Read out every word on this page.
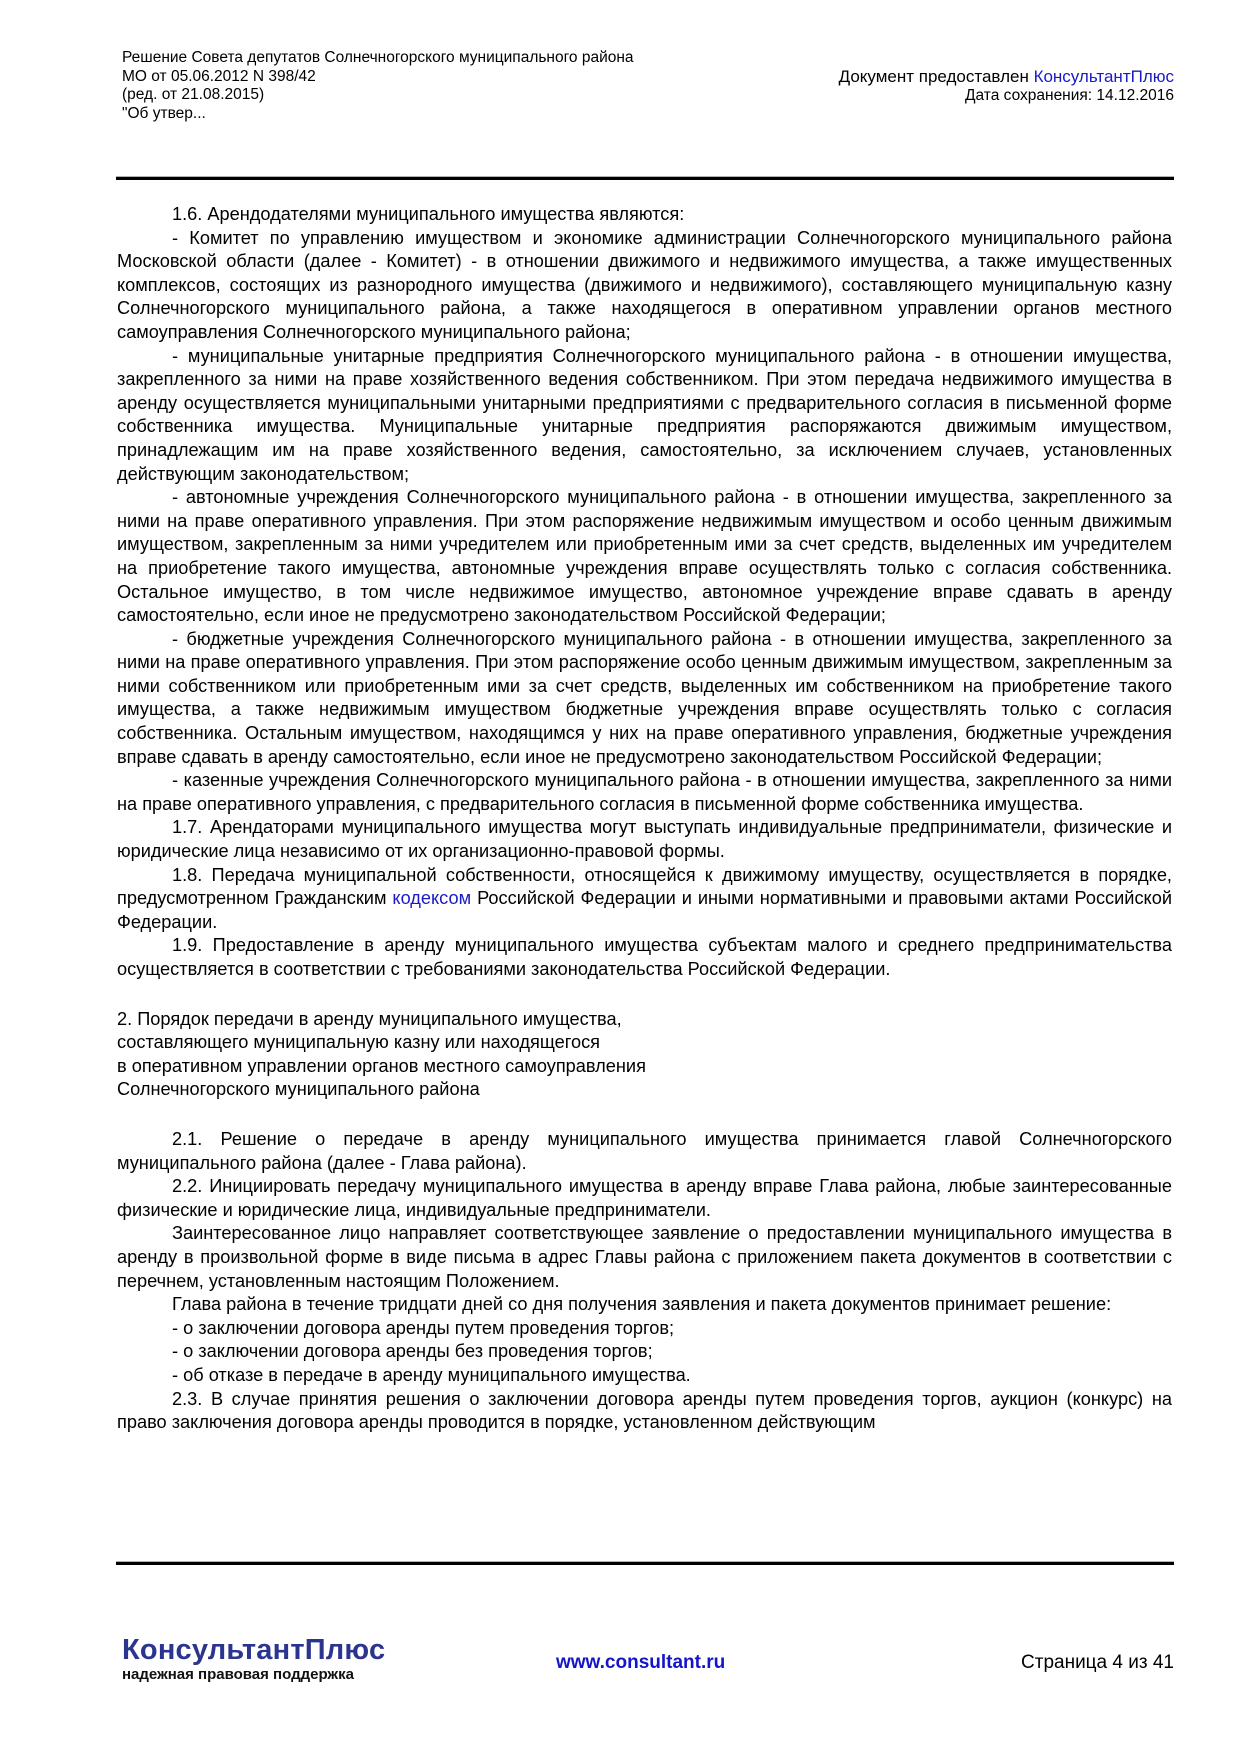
Решение Совета депутатов Солнечногорского муниципального района
МО от 05.06.2012 N 398/42
(ред. от 21.08.2015)
"Об утвер...
Документ предоставлен КонсультантПлюс
Дата сохранения: 14.12.2016

1.6. Арендодателями муниципального имущества являются:

- Комитет по управлению имуществом и экономике администрации Солнечногорского муниципального района Московской области (далее - Комитет) - в отношении движимого и недвижимого имущества, а также имущественных комплексов, состоящих из разнородного имущества (движимого и недвижимого), составляющего муниципальную казну Солнечногорского муниципального района, а также находящегося в оперативном управлении органов местного самоуправления Солнечногорского муниципального района;

- муниципальные унитарные предприятия Солнечногорского муниципального района - в отношении имущества, закрепленного за ними на праве хозяйственного ведения собственником. При этом передача недвижимого имущества в аренду осуществляется муниципальными унитарными предприятиями с предварительного согласия в письменной форме собственника имущества. Муниципальные унитарные предприятия распоряжаются движимым имуществом, принадлежащим им на праве хозяйственного ведения, самостоятельно, за исключением случаев, установленных действующим законодательством;

- автономные учреждения Солнечногорского муниципального района - в отношении имущества, закрепленного за ними на праве оперативного управления. При этом распоряжение недвижимым имуществом и особо ценным движимым имуществом, закрепленным за ними учредителем или приобретенным ими за счет средств, выделенных им учредителем на приобретение такого имущества, автономные учреждения вправе осуществлять только с согласия собственника. Остальное имущество, в том числе недвижимое имущество, автономное учреждение вправе сдавать в аренду самостоятельно, если иное не предусмотрено законодательством Российской Федерации;

- бюджетные учреждения Солнечногорского муниципального района - в отношении имущества, закрепленного за ними на праве оперативного управления. При этом распоряжение особо ценным движимым имуществом, закрепленным за ними собственником или приобретенным ими за счет средств, выделенных им собственником на приобретение такого имущества, а также недвижимым имуществом бюджетные учреждения вправе осуществлять только с согласия собственника. Остальным имуществом, находящимся у них на праве оперативного управления, бюджетные учреждения вправе сдавать в аренду самостоятельно, если иное не предусмотрено законодательством Российской Федерации;

- казенные учреждения Солнечногорского муниципального района - в отношении имущества, закрепленного за ними на праве оперативного управления, с предварительного согласия в письменной форме собственника имущества.

1.7. Арендаторами муниципального имущества могут выступать индивидуальные предприниматели, физические и юридические лица независимо от их организационно-правовой формы.

1.8. Передача муниципальной собственности, относящейся к движимому имуществу, осуществляется в порядке, предусмотренном Гражданским кодексом Российской Федерации и иными нормативными и правовыми актами Российской Федерации.

1.9. Предоставление в аренду муниципального имущества субъектам малого и среднего предпринимательства осуществляется в соответствии с требованиями законодательства Российской Федерации.

2. Порядок передачи в аренду муниципального имущества,
составляющего муниципальную казну или находящегося
в оперативном управлении органов местного самоуправления
Солнечногорского муниципального района

2.1. Решение о передаче в аренду муниципального имущества принимается главой Солнечногорского муниципального района (далее - Глава района).

2.2. Инициировать передачу муниципального имущества в аренду вправе Глава района, любые заинтересованные физические и юридические лица, индивидуальные предприниматели.

Заинтересованное лицо направляет соответствующее заявление о предоставлении муниципального имущества в аренду в произвольной форме в виде письма в адрес Главы района с приложением пакета документов в соответствии с перечнем, установленным настоящим Положением.

Глава района в течение тридцати дней со дня получения заявления и пакета документов принимает решение:

- о заключении договора аренды путем проведения торгов;

- о заключении договора аренды без проведения торгов;

- об отказе в передаче в аренду муниципального имущества.

2.3. В случае принятия решения о заключении договора аренды путем проведения торгов, аукцион (конкурс) на право заключения договора аренды проводится в порядке, установленном действующим

КонсультантПлюс
надежная правовая поддержка
www.consultant.ru	Страница 4 из 41
